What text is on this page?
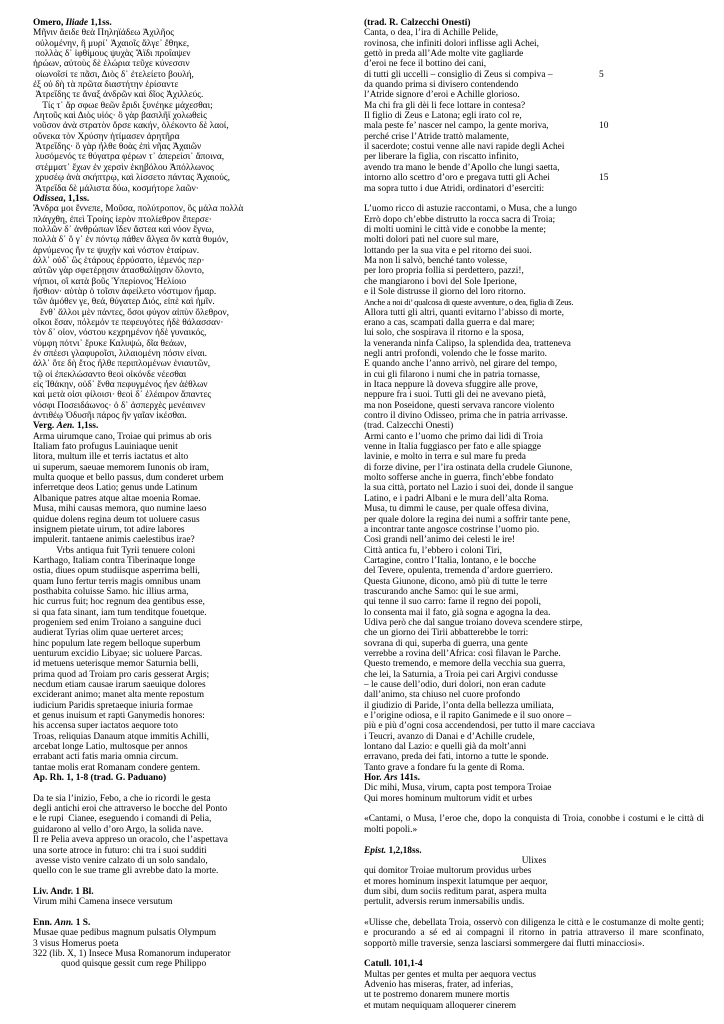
Omero, Iliade 1,1ss.
Μῆνιν ἄειδε θεὰ Πηληϊάδεω Ἀχιλῆος
οὐλομένην, ἣ μυρί᾽ Ἀχαιοῖς ἄλγε᾽ ἔθηκε,
πολλὰς δ᾽ ἰφθίμους ψυχὰς Ἄϊδι προΐαψεν
ἡρώων, αὐτοὺς δὲ ἑλώρια τεῦχε κύνεσσιν
οἰωνοῖσί τε πᾶσι, Διὸς δ᾽ ἐτελείετο βουλή,
ἐξ οὗ δὴ τὰ πρῶτα διαστήτην ἐρίσαντε
Ἀτρεΐδης τε ἄναξ ἀνδρῶν καὶ δῖος Ἀχιλλεύς.
Τίς τ᾽ ἄρ σφωε θεῶν ἔριδι ξυνέηκε μάχεσθαι;
Λητοῦς καὶ Διὸς υἱός· ὃ γὰρ βασιλῆϊ χολωθεὶς
νοῦσον ἀνὰ στρατὸν ὄρσε κακήν, ὀλέκοντο δὲ λαοί,
οὕνεκα τὸν Χρύσην ἠτίμασεν ἀρητῆρα
Ἀτρεΐδης· ὃ γὰρ ἦλθε θοὰς ἐπὶ νῆας Ἀχαιῶν
λυσόμενός τε θύγατρα φέρων τ᾽ ἀπερείσι᾽ ἄποινα,
στέμματ᾽ ἔχων ἐν χερσὶν ἑκηβόλου Ἀπόλλωνος
χρυσέῳ ἀνὰ σκήπτρῳ, καὶ λίσσετο πάντας Ἀχαιούς,
Ἀτρεΐδα δὲ μάλιστα δύω, κοσμήτορε λαῶν·
Odissea, 1,1ss.
Ἄνδρα μοι ἔννεπε, Μοῦσα, πολύτροπον, ὃς μάλα πολλὰ
πλάγχθη, ἐπεὶ Τροίης ἱερὸν πτολίεθρον ἔπερσε·
πολλῶν δ᾽ ἀνθρώπων ἴδεν ἄστεα καὶ νόον ἔγνω,
πολλὰ δ᾽ ὅ γ᾽ ἐν πόντῳ πάθεν ἄλγεα ὃν κατὰ θυμόν,
ἀρνύμενος ἥν τε ψυχὴν καὶ νόστον ἑταίρων.
ἀλλ᾽ οὐδ᾽ ὣς ἑτάρους ἐρρύσατο, ἱέμενός περ·
αὐτῶν γὰρ σφετέρῃσιν ἀτασθαλίῃσιν ὄλοντο,
νήπιοι, οἳ κατὰ βοῦς Ὑπερίονος Ἠελίοιο
ἤσθιον· αὐτὰρ ὁ τοῖσιν ἀφείλετο νόστιμον ἦμαρ.
τῶν ἁμόθεν γε, θεά, θύγατερ Διός, εἰπὲ καὶ ἡμῖν.
ἔνθ᾽ ἄλλοι μὲν πάντες, ὅσοι φύγον αἰπὺν ὄλεθρον,
οἴκοι ἔσαν, πόλεμόν τε πεφευγότες ἠδὲ θάλασσαν·
τὸν δ᾽ οἶον, νόστου κεχρημένον ἠδὲ γυναικός,
νύμφη πότνι᾽ ἔρυκε Καλυψώ, δῖα θεάων,
ἐν σπέεσι γλαφυροῖσι, λιλαιομένη πόσιν εἶναι.
ἀλλ᾽ ὅτε δὴ ἔτος ἦλθε περιπλομένων ἐνιαυτῶν,
τῷ οἱ ἐπεκλώσαντο θεοὶ οἶκόνδε νέεσθαι
εἰς Ἰθάκην, οὐδ᾽ ἔνθα πεφυγμένος ἦεν ἀέθλων
καὶ μετὰ οἷσι φίλοισι· θεοὶ δ᾽ ἐλέαιρον ἅπαντες
νόσφι Ποσειδάωνος· ὁ δ᾽ ἀσπερχὲς μενέαινεν
ἀντιθέῳ Ὀδυσῆι πάρος ἣν γαῖαν ἱκέσθαι.
Verg. Aen. 1,1ss.
Arma uirumque cano, Troiae qui primus ab oris
Italiam fato profugus Lauiniaque uenit
litora, multum ille et terris iactatus et alto
ui superum, saeuae memorem Iunonis ob iram,
multa quoque et bello passus, dum conderet urbem
inferretque deos Latio; genus unde Latinum
Albanique patres atque altae moenia Romae.
Musa, mihi causas memora, quo numine laeso
quidue dolens regina deum tot uoluere casus
insignem pietate uirum, tot adire labores
impulerit. tantaene animis caelestibus irae?
Vrbs antiqua fuit Tyrii tenuere coloni
Karthago, Italiam contra Tiberinaque longe
ostia, diues opum studiisque asperrima belli,
quam Iuno fertur terris magis omnibus unam
posthabita coluisse Samo. hic illius arma,
hic currus fuit; hoc regnum dea gentibus esse,
si qua fata sinant, iam tum tenditque fouetque.
progeniem sed enim Troiano a sanguine duci
audierat Tyrias olim quae uerteret arces;
hinc populum late regem belloque superbum
uenturum excidio Libyae; sic uoluere Parcas.
id metuens ueterisque memor Saturnia belli,
prima quod ad Troiam pro caris gesserat Argis;
necdum etiam causae irarum saeuique dolores
exciderant animo; manet alta mente repostum
iudicium Paridis spretaeque iniuria formae
et genus inuisum et rapti Ganymedis honores:
his accensa super iactatos aequore toto
Troas, reliquias Danaum atque immitis Achilli,
arcebat longe Latio, multosque per annos
errabant acti fatis maria omnia circum.
tantae molis erat Romanam condere gentem.
Ap. Rh. 1, 1-8 (trad. G. Paduano)
Da te sia l’inizio, Febo, a che io ricordi le gesta
degli antichi eroi che attraverso le bocche del Ponto
e le rupi  Cianee, eseguendo i comandi di Pelia,
guidarono al vello d’oro Argo, la solida nave.
Il re Pelia aveva appreso un oracolo, che l’aspettava
una sorte atroce in futuro: chi tra i suoi sudditi
avesse visto venire calzato di un solo sandalo,
quello con le sue trame gli avrebbe dato la morte.
Liv. Andr. 1 Bl.
Virum mihi Camena insece versutum
Enn. Ann. 1 S.
Musae quae pedibus magnum pulsatis Olympum
3 visus Homerus poeta
322 (lib. X, 1) Insece Musa Romanorum induperator
quod quisque gessit cum rege Philippo
(trad. R. Calzecchi Onesti)
Canta, o dea, l’ira di Achille Pelide,
rovinosa, che infiniti dolori inflisse agli Achei,
gettò in preda all’Ade molte vite gagliarde
d’eroi ne fece il bottino dei cani,
di tutti gli uccelli – consiglio di Zeus si compiva –	5
da quando prima si divisero contendendo
l’Atride signore d’eroi e Achille glorioso.
Ma chi fra gli dèi li fece lottare in contesa?
Il figlio di Zeus e Latona; egli irato col re,
mala peste fe’ nascer nel campo, la gente moriva,	10
perché crise l’Atride trattò malamente,
il sacerdote; costui venne alle navi rapide degli Achei
per liberare la figlia, con riscatto infinito,
avendo tra mano le bende d’Apollo che lungi saetta,
intorno allo scettro d’oro e pregava tutti gli Achei	15
ma sopra tutto i due Atridi, ordinatori d’eserciti:
L’uomo ricco di astuzie raccontami, o Musa, che a lungo
Errò dopo ch’ebbe distrutto la rocca sacra di Troia;
di molti uomini le città vide e conobbe la mente;
molti dolori patì nel cuore sul mare,
lottando per la sua vita e pel ritorno dei suoi.
Ma non li salvò, benché tanto volesse,
per loro propria follia si perdettero, pazzi!,
che mangiarono i bovi del Sole Iperione,
e il Sole distrusse il giorno del loro ritorno.
Anche a noi di’ qualcosa di queste avventure, o dea, figlia di Zeus.
Allora tutti gli altri, quanti evitarno l’abisso di morte,
erano a cas, scampati dalla guerra e dal mare;
lui solo, che sospirava il ritorno e la sposa,
la veneranda ninfa Calipso, la splendida dea, tratteneva
negli antri profondi, volendo che le fosse marito.
E quando anche l’anno arrivò, nel girare del tempo,
in cui gli filarono i numi che in patria tornasse,
in Itaca neppure là doveva sfuggire alle prove,
neppure fra i suoi. Tutti gli dei ne avevano pietà,
ma non Poseidone, questi servava rancore violento
contro il divino Odisseo, prima che in patria arrivasse.
(trad. Calzecchi Onesti)
Armi canto e l’uomo che primo dai lidi di Troia
venne in Italia fuggiasco per fato e alle spiagge
lavinie, e molto in terra e sul mare fu preda
di forze divine, per l’ira ostinata della crudele Giunone,
molto sofferse anche in guerra, finch’ebbe fondato
la sua città, portato nel Lazio i suoi dei, donde il sangue
Latino, e i padri Albani e le mura dell’alta Roma.
Musa, tu dimmi le cause, per quale offesa divina,
per quale dolore la regina dei numi a soffrir tante pene,
a incontrar tante angosce costrinse l’uomo pio.
Così grandi nell’animo dei celesti le ire!
Città antica fu, l’ebbero i coloni Tiri,
Cartagine, contro l’Italia, lontano, e le bocche
del Tevere, opulenta, tremenda d’ardore guerriero.
Questa Giunone, dicono, amò più di tutte le terre
trascurando anche Samo: qui le sue armi,
qui tenne il suo carro: farne il regno dei popoli,
lo consenta mai il fato, già sogna e agogna la dea.
Udiva però che dal sangue troiano doveva scendere stirpe,
che un giorno dei Tirii abbatterebbe le torri:
sovrana di qui, superba di guerra, una gente
verrebbe a rovina dell’Africa: così filavan le Parche.
Questo tremendo, e memore della vecchia sua guerra,
che lei, la Saturnia, a Troia pei cari Argivi condusse
– le cause dell’odio, duri dolori, non eran cadute
dall’animo, sta chiuso nel cuore profondo
il giudizio di Paride, l’onta della bellezza umiliata,
e l’origine odiosa, e il rapito Ganimede e il suo onore –
più e più d’ogni cosa accendendosi, per tutto il mare cacciava
i Teucri, avanzo di Danai e d’Achille crudele,
lontano dal Lazio: e quelli già da molt’anni
erravano, preda dei fati, intorno a tutte le sponde.
Tanto grave a fondare fu la gente di Roma.
Hor. Ars 141s.
Dic mihi, Musa, virum, capta post tempora Troiae
Qui mores hominum multorum vidit et urbes
«Cantami, o Musa, l’eroe che, dopo la conquista di Troia, conobbe i costumi e le città di molti popoli.»
Epist. 1,2,18ss.
Ulixes
qui domitor Troiae multorum providus urbes
et mores hominum inspexit latumque per aequor,
dum sibi, dum sociis reditum parat, aspera multa
pertulit, adversis rerum inmersabilis undis.
«Ulisse che, debellata Troia, osservò con diligenza le città e le costumanze di molte genti; e procurando a sé ed ai compagni il ritorno in patria attraverso il mare sconfinato, sopportò mille traversie, senza lasciarsi sommergere dai flutti minacciosi».
Catull. 101,1-4
Multas per gentes et multa per aequora vectus
Advenio has miseras, frater, ad inferias,
ut te postremo donarem munere mortis
et mutam nequiquam alloquerer cinerem
